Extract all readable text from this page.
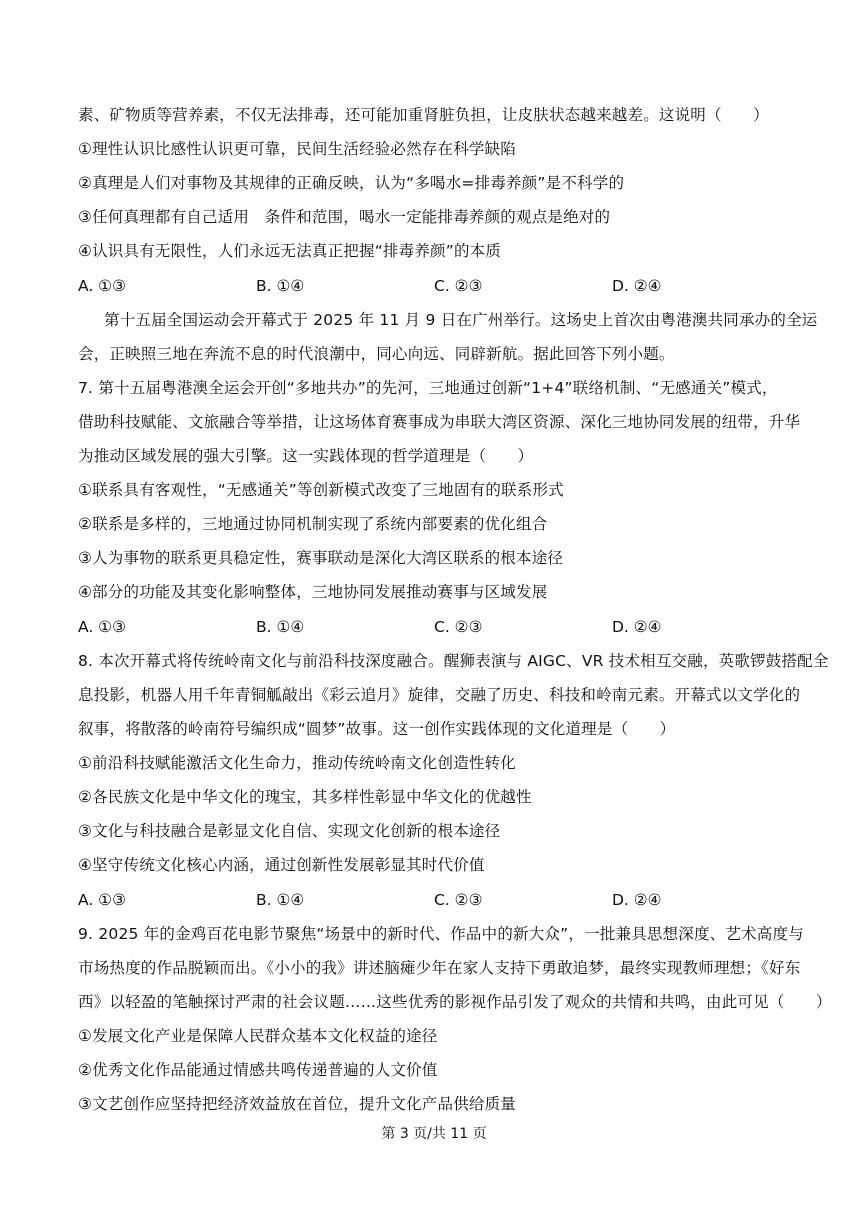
素、矿物质等营养素，不仅无法排毒，还可能加重肾脏负担，让皮肤状态越来越差。这说明（　　）
①理性认识比感性认识更可靠，民间生活经验必然存在科学缺陷
②真理是人们对事物及其规律的正确反映，认为“多喝水=排毒养颜”是不科学的
③任何真理都有自己适用　条件和范围，喝水一定能排毒养颜的观点是绝对的
④认识具有无限性，人们永远无法真正把握“排毒养颜”的本质
A. ①③	B. ①④	C. ②③	D. ②④
第十五届全国运动会开幕式于 2025 年 11 月 9 日在广州举行。这场史上首次由粤港澳共同承办的全运
会，正映照三地在奔流不息的时代浪潮中，同心向远、同辟新航。据此回答下列小题。
7. 第十五届粤港澳全运会开创“多地共办”的先河，三地通过创新“1+4”联络机制、“无感通关”模式，
借助科技赋能、文旅融合等举措，让这场体育赛事成为串联大湾区资源、深化三地协同发展的纽带，升华
为推动区域发展的强大引擎。这一实践体现的哲学道理是（　　）
①联系具有客观性，“无感通关”等创新模式改变了三地固有的联系形式
②联系是多样的，三地通过协同机制实现了系统内部要素的优化组合
③人为事物的联系更具稳定性，赛事联动是深化大湾区联系的根本途径
④部分的功能及其变化影响整体，三地协同发展推动赛事与区域发展
A. ①③	B. ①④	C. ②③	D. ②④
8. 本次开幕式将传统岭南文化与前沿科技深度融合。醒狮表演与 AIGC、VR 技术相互交融，英歌锣鼓搭配全
息投影，机器人用千年青铜觚敲出《彩云追月》旋律，交融了历史、科技和岭南元素。开幕式以文学化的
叙事，将散落的岭南符号编织成“圆梦”故事。这一创作实践体现的文化道理是（　　）
①前沿科技赋能激活文化生命力，推动传统岭南文化创造性转化
②各民族文化是中华文化的瑰宝，其多样性彰显中华文化的优越性
③文化与科技融合是彰显文化自信、实现文化创新的根本途径
④坚守传统文化核心内涵，通过创新性发展彰显其时代价值
A. ①③	B. ①④	C. ②③	D. ②④
9. 2025 年的金鸡百花电影节聚焦“场景中的新时代、作品中的新大众”，一批兼具思想深度、艺术高度与
市场热度的作品脱颖而出。《小小的我》讲述脑瘫少年在家人支持下勇敢追梦，最终实现教师理想；《好东
西》以轻盈的笔触探讨严肃的社会议题……这些优秀的影视作品引发了观众的共情和共鸣，由此可见（　　）
①发展文化产业是保障人民群众基本文化权益的途径
②优秀文化作品能通过情感共鸣传递普遍的人文价值
③文艺创作应坚持把经济效益放在首位，提升文化产品供给质量
第 3 页/共 11 页
